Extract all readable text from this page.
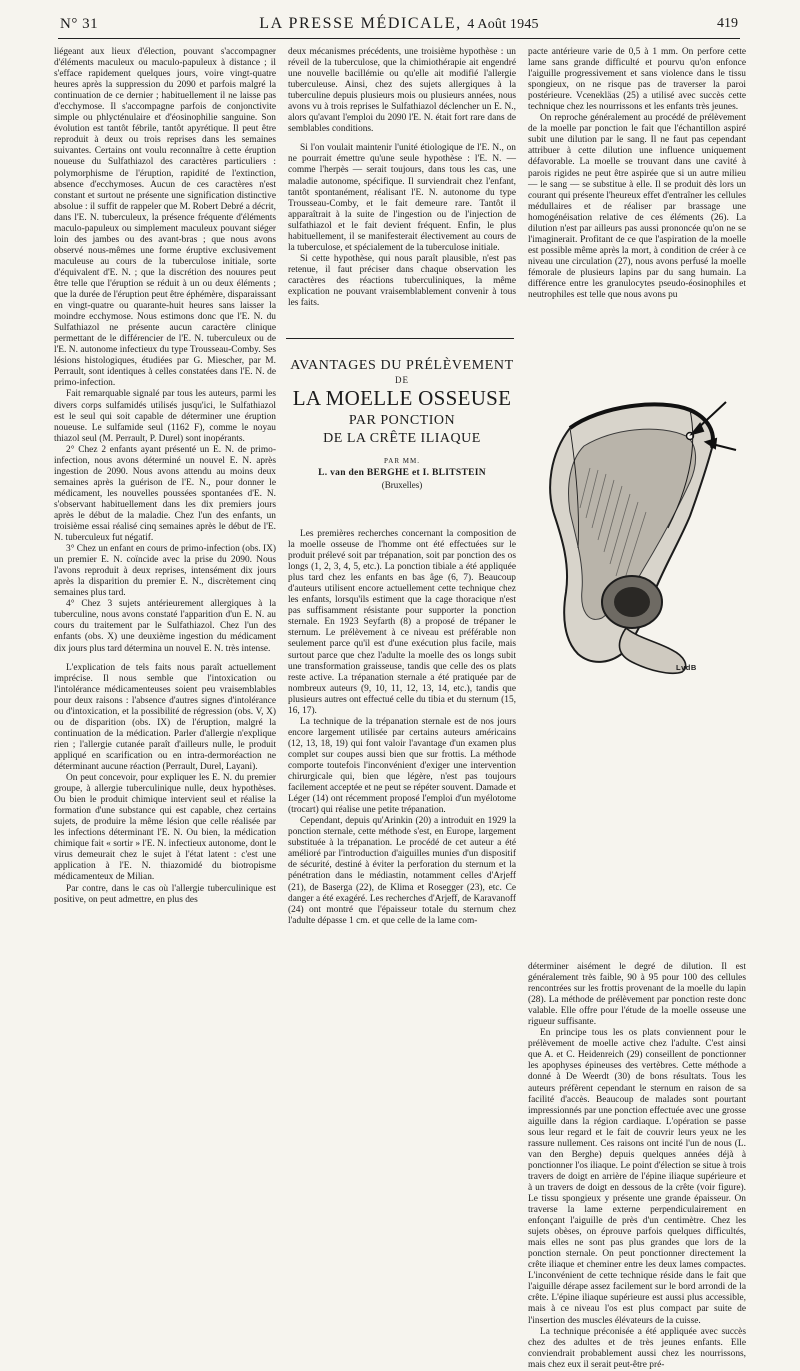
N° 31	LA PRESSE MÉDICALE, 4 Août 1945	419

liégeant aux lieux d'élection, pouvant s'accompagner d'éléments maculeux ou maculo-papuleux à distance ; il s'efface rapidement quelques jours, voire vingt-quatre heures après la suppression du 2090 et parfois malgré la continuation de ce dernier ; habituellement il ne laisse pas d'ecchymose. Il s'accompagne parfois de conjonctivite simple ou phlycténulaire et d'éosinophilie sanguine. Son évolution est tantôt fébrile, tantôt apyrétique. Il peut être reproduit à deux ou trois reprises dans les semaines suivantes. Certains ont voulu reconnaître à cette éruption noueuse du Sulfathiazol des caractères particuliers : polymorphisme de l'éruption, rapidité de l'extinction, absence d'ecchymoses. Aucun de ces caractères n'est constant et surtout ne présente une signification distinctive absolue : il suffit de rappeler que M. Robert Debré a décrit, dans l'E. N. tuberculeux, la présence fréquente d'éléments maculo-papuleux ou simplement maculeux pouvant siéger loin des jambes ou des avant-bras ; que nous avons observé nous-mêmes une forme éruptive exclusivement maculeuse au cours de la tuberculose initiale, sorte d'équivalent d'E. N. ; que la discrétion des nouures peut être telle que l'éruption se réduit à un ou deux éléments ; que la durée de l'éruption peut être éphémère, disparaissant en vingt-quatre ou quarante-huit heures sans laisser la moindre ecchymose. Nous estimons donc que l'E. N. du Sulfathiazol ne présente aucun caractère clinique permettant de le différencier de l'E. N. tuberculeux ou de l'E. N. autonome infectieux du type Trousseau-Comby. Ses lésions histologiques, étudiées par G. Miescher, par M. Perrault, sont identiques à celles constatées dans l'E. N. de primo-infection.

Fait remarquable signalé par tous les auteurs, parmi les divers corps sulfamidés utilisés jusqu'ici, le Sulfathiazol est le seul qui soit capable de déterminer une éruption noueuse. Le sulfamide seul (1162 F), comme le noyau thiazol seul (M. Perrault, P. Durel) sont inopérants.

2° Chez 2 enfants ayant présenté un E. N. de primo-infection, nous avons déterminé un nouvel E. N. après ingestion de 2090. Nous avons attendu au moins deux semaines après la guérison de l'E. N., pour donner le médicament, les nouvelles poussées spontanées d'E. N. s'observant habituellement dans les dix premiers jours après le début de la maladie. Chez l'un des enfants, un troisième essai réalisé cinq semaines après le début de l'E. N. tuberculeux fut négatif.

3° Chez un enfant en cours de primo-infection (obs. IX) un premier E. N. coïncide avec la prise du 2090. Nous l'avons reproduit à deux reprises, intensément dix jours après la disparition du premier E. N., discrètement cinq semaines plus tard.

4° Chez 3 sujets antérieurement allergiques à la tuberculine, nous avons constaté l'apparition d'un E. N. au cours du traitement par le Sulfathiazol. Chez l'un des enfants (obs. X) une deuxième ingestion du médicament dix jours plus tard détermina un nouvel E. N. très intense.

L'explication de tels faits nous paraît actuellement imprécise. Il nous semble que l'intoxication ou l'intolérance médicamenteuses soient peu vraisemblables pour deux raisons : l'absence d'autres signes d'intolérance ou d'intoxication, et la possibilité de régression (obs. V, X) ou de disparition (obs. IX) de l'éruption, malgré la continuation de la médication. Parler d'allergie n'explique rien ; l'allergie cutanée paraît d'ailleurs nulle, le produit appliqué en scarification ou en intra-dermoréaction ne déterminant aucune réaction (Perrault, Durel, Layani).

On peut concevoir, pour expliquer les E. N. du premier groupe, à allergie tuberculinique nulle, deux hypothèses. Ou bien le produit chimique intervient seul et réalise la formation d'une substance qui est capable, chez certains sujets, de produire la même lésion que celle réalisée par les infections déterminant l'E. N. Ou bien, la médication chimique fait « sortir » l'E. N. infectieux autonome, dont le virus demeurait chez le sujet à l'état latent : c'est une application à l'E. N. thiazomidé du biotropisme médicamenteux de Milian.

Par contre, dans le cas où l'allergie tuberculinique est positive, on peut admettre, en plus des

deux mécanismes précédents, une troisième hypothèse : un réveil de la tuberculose, que la chimiothérapie ait engendré une nouvelle bacillémie ou qu'elle ait modifié l'allergie tuberculeuse. Ainsi, chez des sujets allergiques à la tuberculine depuis plusieurs mois ou plusieurs années, nous avons vu à trois reprises le Sulfathiazol déclencher un E. N., alors qu'avant l'emploi du 2090 l'E. N. était fort rare dans de semblables conditions.

Si l'on voulait maintenir l'unité étiologique de l'E. N., on ne pourrait émettre qu'une seule hypothèse : l'E. N. — comme l'herpès — serait toujours, dans tous les cas, une maladie autonome, spécifique. Il surviendrait chez l'enfant, tantôt spontanément, réalisant l'E. N. autonome du type Trousseau-Comby, et le fait demeure rare. Tantôt il apparaîtrait à la suite de l'ingestion ou de l'injection de sulfathiazol et le fait devient fréquent. Enfin, le plus habituellement, il se manifesterait électivement au cours de la tuberculose, et spécialement de la tuberculose initiale.

Si cette hypothèse, qui nous paraît plausible, n'est pas retenue, il faut préciser dans chaque observation les caractères des réactions tuberculiniques, la même explication ne pouvant vraisemblablement convenir à tous les faits.

Les premières recherches concernant la composition de la moelle osseuse de l'homme ont été effectuées sur le produit prélevé soit par trépanation, soit par ponction des os longs (1, 2, 3, 4, 5, etc.). La ponction tibiale a été appliquée plus tard chez les enfants en bas âge (6, 7). Beaucoup d'auteurs utilisent encore actuellement cette technique chez les enfants, lorsqu'ils estiment que la cage thoracique n'est pas suffisamment résistante pour supporter la ponction sternale. En 1923 Seyfarth (8) a proposé de trépaner le sternum. Le prélèvement à ce niveau est préférable non seulement parce qu'il est d'une exécution plus facile, mais surtout parce que chez l'adulte la moelle des os longs subit une transformation graisseuse, tandis que celle des os plats reste active. La trépanation sternale a été pratiquée par de nombreux auteurs (9, 10, 11, 12, 13, 14, etc.), tandis que plusieurs autres ont effectué celle du tibia et du sternum (15, 16, 17).

La technique de la trépanation sternale est de nos jours encore largement utilisée par certains auteurs américains (12, 13, 18, 19) qui font valoir l'avantage d'un examen plus complet sur coupes aussi bien que sur frottis. La méthode comporte toutefois l'inconvénient d'exiger une intervention chirurgicale qui, bien que légère, n'est pas toujours facilement acceptée et ne peut se répéter souvent. Damade et Léger (14) ont récemment proposé l'emploi d'un myélotome (trocart) qui réalise une petite trépanation.

Cependant, depuis qu'Arinkin (20) a introduit en 1929 la ponction sternale, cette méthode s'est, en Europe, largement substituée à la trépanation. Le procédé de cet auteur a été amélioré par l'introduction d'aiguilles munies d'un dispositif de sécurité, destiné à éviter la perforation du sternum et la pénétration dans le médiastin, notamment celles d'Arjeff (21), de Baserga (22), de Klima et Rosegger (23), etc. Ce danger a été exagéré. Les recherches d'Arjeff, de Karavanoff (24) ont montré que l'épaisseur totale du sternum chez l'adulte dépasse 1 cm. et que celle de la lame com-

AVANTAGES DU PRÉLÈVEMENT
DE
LA MOELLE OSSEUSE
PAR PONCTION
DE LA CRÊTE ILIAQUE
PAR MM.
L. van den BERGHE et I. BLITSTEIN
(Bruxelles)

pacte antérieure varie de 0,5 à 1 mm. On perfore cette lame sans grande difficulté et pourvu qu'on enfonce l'aiguille progressivement et sans violence dans le tissu spongieux, on ne risque pas de traverser la paroi postérieure. Vcenekläas (25) a utilisé avec succès cette technique chez les nourrissons et les enfants très jeunes.

On reproche généralement au procédé de prélèvement de la moelle par ponction le fait que l'échantillon aspiré subit une dilution par le sang. Il ne faut pas cependant attribuer à cette dilution une influence uniquement défavorable. La moelle se trouvant dans une cavité à parois rigides ne peut être aspirée que si un autre milieu — le sang — se substitue à elle. Il se produit dès lors un courant qui présente l'heureux effet d'entraîner les cellules médullaires et de réaliser par brassage une homogénéisation relative de ces éléments (26). La dilution n'est par ailleurs pas aussi prononcée qu'on ne se l'imaginerait. Profitant de ce que l'aspiration de la moelle est possible même après la mort, à condition de créer à ce niveau une circulation (27), nous avons perfusé la moelle fémorale de plusieurs lapins par du sang humain. La différence entre les granulocytes pseudo-éosinophiles et neutrophiles est telle que nous avons pu

déterminer aisément le degré de dilution. Il est généralement très faible, 90 à 95 pour 100 des cellules rencontrées sur les frottis provenant de la moelle du lapin (28). La méthode de prélèvement par ponction reste donc valable. Elle offre pour l'étude de la moelle osseuse une rigueur suffisante.

En principe tous les os plats conviennent pour le prélèvement de moelle active chez l'adulte. C'est ainsi que A. et C. Heidenreich (29) conseillent de ponctionner les apophyses épineuses des vertèbres. Cette méthode a donné à De Weerdt (30) de bons résultats. Tous les auteurs préfèrent cependant le sternum en raison de sa facilité d'accès. Beaucoup de malades sont pourtant impressionnés par une ponction effectuée avec une grosse aiguille dans la région cardiaque. L'opération se passe sous leur regard et le fait de couvrir leurs yeux ne les rassure nullement. Ces raisons ont incité l'un de nous (L. van den Berghe) depuis quelques années déjà à ponctionner l'os iliaque. Le point d'élection se situe à trois travers de doigt en arrière de l'épine iliaque supérieure et à un travers de doigt en dessous de la crête (voir figure). Le tissu spongieux y présente une grande épaisseur. On traverse la lame externe perpendiculairement en enfonçant l'aiguille de près d'un centimètre. Chez les sujets obèses, on éprouve parfois quelques difficultés, mais elles ne sont pas plus grandes que lors de la ponction sternale. On peut ponctionner directement la crête iliaque et cheminer entre les deux lames compactes. L'inconvénient de cette technique réside dans le fait que l'aiguille dérape assez facilement sur le bord arrondi de la crête. L'épine iliaque supérieure est aussi plus accessible, mais à ce niveau l'os est plus compact par suite de l'insertion des muscles élévateurs de la cuisse.

La technique préconisée a été appliquée avec succès chez des adultes et de très jeunes enfants. Elle conviendrait probablement aussi chez les nourrissons, mais chez eux il serait peut-être pré-

LvdB
